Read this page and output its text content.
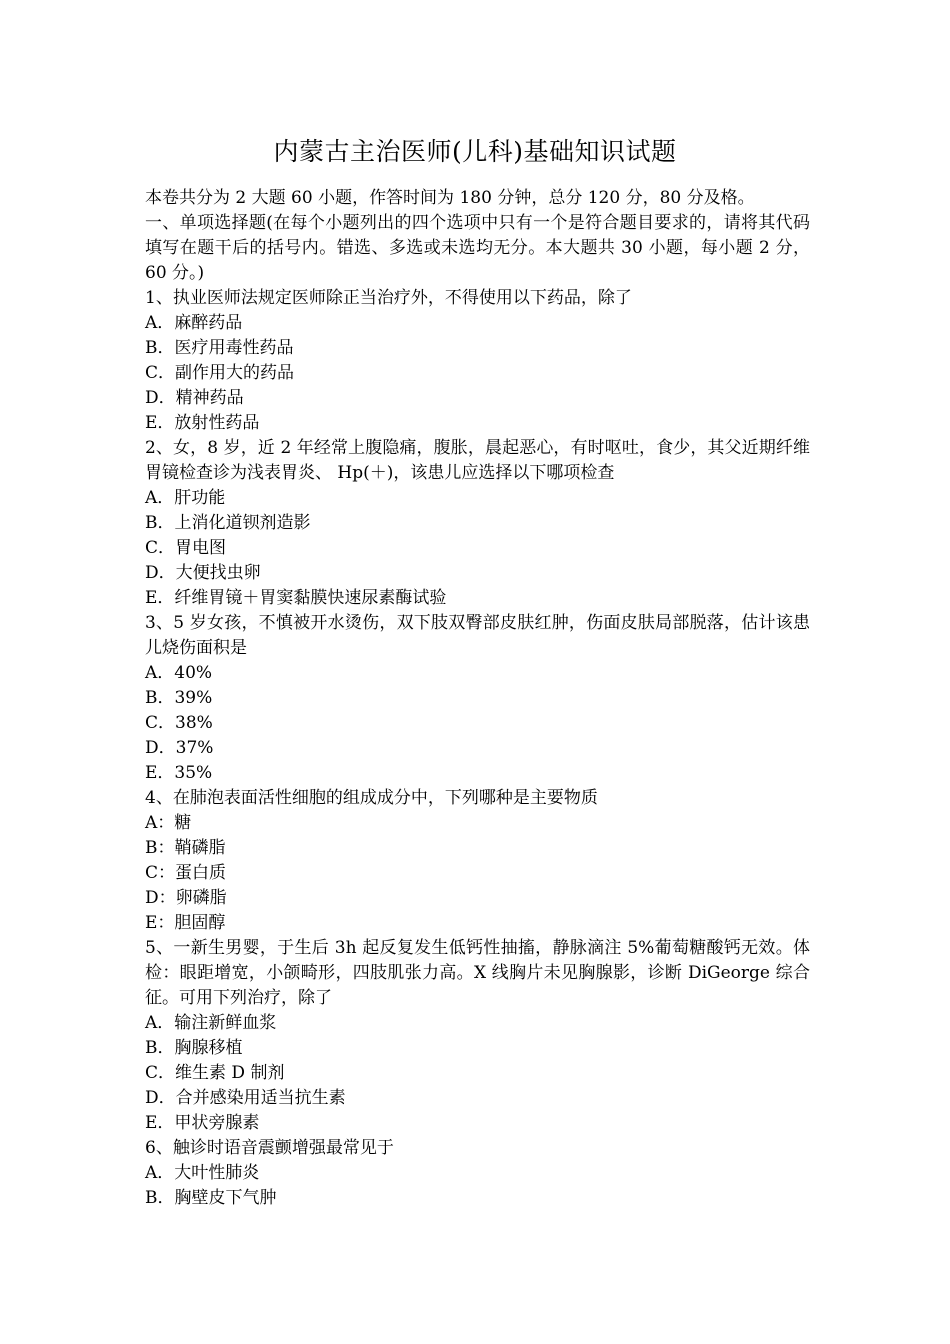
内蒙古主治医师(儿科)基础知识试题

本卷共分为 2 大题 60 小题，作答时间为 180 分钟，总分 120 分，80 分及格。

一、单项选择题(在每个小题列出的四个选项中只有一个是符合题目要求的，请将其代码填写在题干后的括号内。错选、多选或未选均无分。本大题共 30 小题，每小题 2 分，60 分。)

1、执业医师法规定医师除正当治疗外，不得使用以下药品，除了

A．麻醉药品

B．医疗用毒性药品

C．副作用大的药品

D．精神药品

E．放射性药品

2、女，8 岁，近 2 年经常上腹隐痛，腹胀，晨起恶心，有时呕吐，食少，其父近期纤维胃镜检查诊为浅表胃炎、 Hp(＋)，该患儿应选择以下哪项检查

A．肝功能

B．上消化道钡剂造影

C．胃电图

D．大便找虫卵

E．纤维胃镜＋胃窦黏膜快速尿素酶试验

3、5 岁女孩，不慎被开水烫伤，双下肢双臀部皮肤红肿，伤面皮肤局部脱落，估计该患儿烧伤面积是

A．40%

B．39%

C．38%

D．37%

E．35%

4、在肺泡表面活性细胞的组成成分中，下列哪种是主要物质

A：糖

B：鞘磷脂

C：蛋白质

D：卵磷脂

E：胆固醇

5、一新生男婴，于生后 3h 起反复发生低钙性抽搐，静脉滴注 5%葡萄糖酸钙无效。体检：眼距增宽，小颌畸形，四肢肌张力高。X 线胸片未见胸腺影，诊断 DiGeorge 综合征。可用下列治疗，除了

A．输注新鲜血浆

B．胸腺移植

C．维生素 D 制剂

D．合并感染用适当抗生素

E．甲状旁腺素

6、触诊时语音震颤增强最常见于

A．大叶性肺炎

B．胸壁皮下气肿
